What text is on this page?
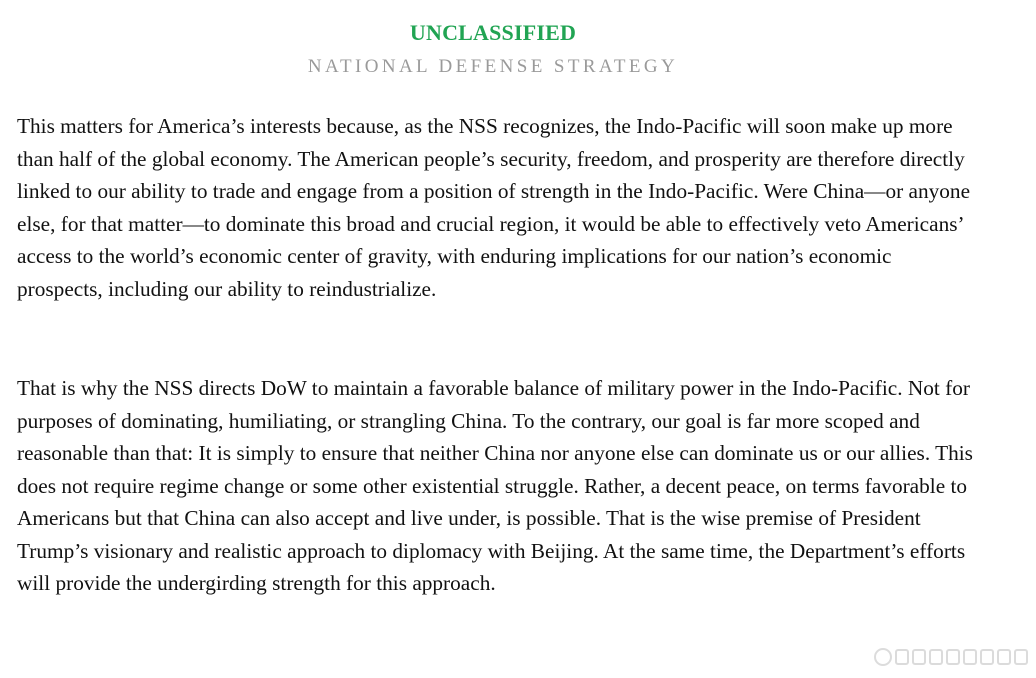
UNCLASSIFIED
NATIONAL DEFENSE STRATEGY

This matters for America’s interests because, as the NSS recognizes, the Indo-Pacific will soon make up more than half of the global economy. The American people’s security, freedom, and prosperity are therefore directly linked to our ability to trade and engage from a position of strength in the Indo-Pacific. Were China—or anyone else, for that matter—to dominate this broad and crucial region, it would be able to effectively veto Americans’ access to the world’s economic center of gravity, with enduring implications for our nation’s economic prospects, including our ability to reindustrialize.

That is why the NSS directs DoW to maintain a favorable balance of military power in the Indo-Pacific. Not for purposes of dominating, humiliating, or strangling China. To the contrary, our goal is far more scoped and reasonable than that: It is simply to ensure that neither China nor anyone else can dominate us or our allies. This does not require regime change or some other existential struggle. Rather, a decent peace, on terms favorable to Americans but that China can also accept and live under, is possible. That is the wise premise of President Trump’s visionary and realistic approach to diplomacy with Beijing. At the same time, the Department’s efforts will provide the undergirding strength for this approach.
